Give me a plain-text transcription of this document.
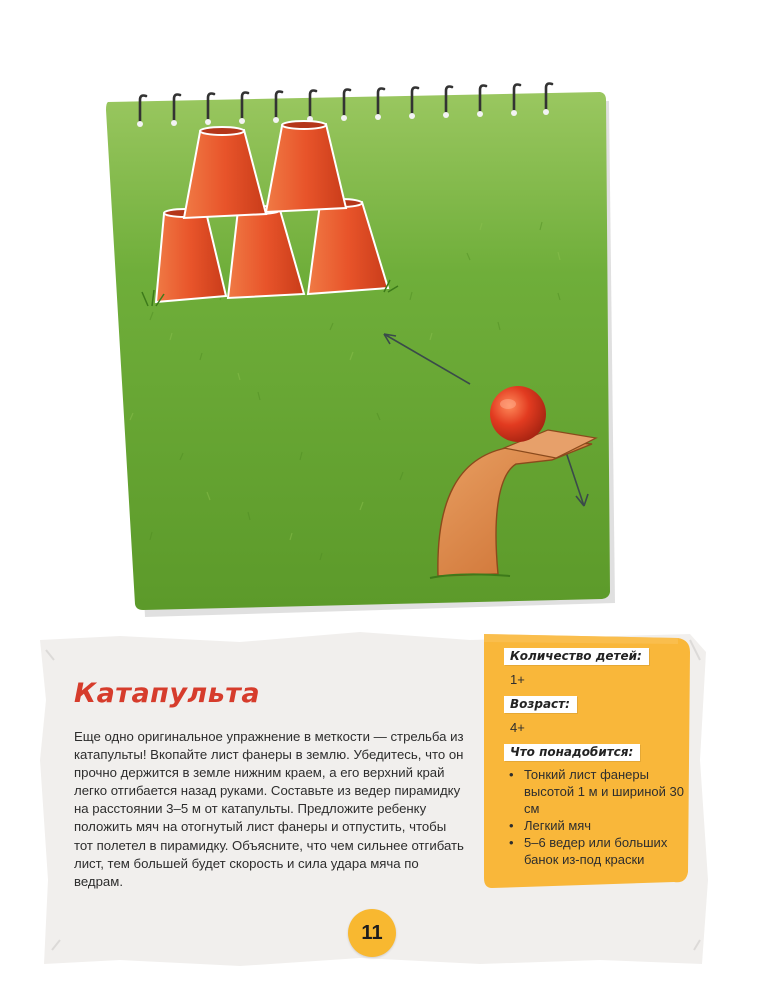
Катапульта

Еще одно оригинальное упражнение в меткости — стрельба из катапульты! Вкопайте лист фанеры в землю. Убедитесь, что он прочно держится в земле нижним краем, а его верхний край легко отгибается назад руками. Составьте из ведер пирамидку на расстоянии 3–5 м от катапульты. Предложите ребенку положить мяч на отогнутый лист фанеры и отпустить, чтобы тот полетел в пирамидку. Объясните, что чем сильнее отгибать лист, тем большей будет скорость и сила удара мяча по ведрам.

Количество детей:
1+
Возраст:
4+
Что понадобится:
• Тонкий лист фанеры высотой 1 м и шириной 30 см
• Легкий мяч
• 5–6 ведер или больших банок из-под краски
11
